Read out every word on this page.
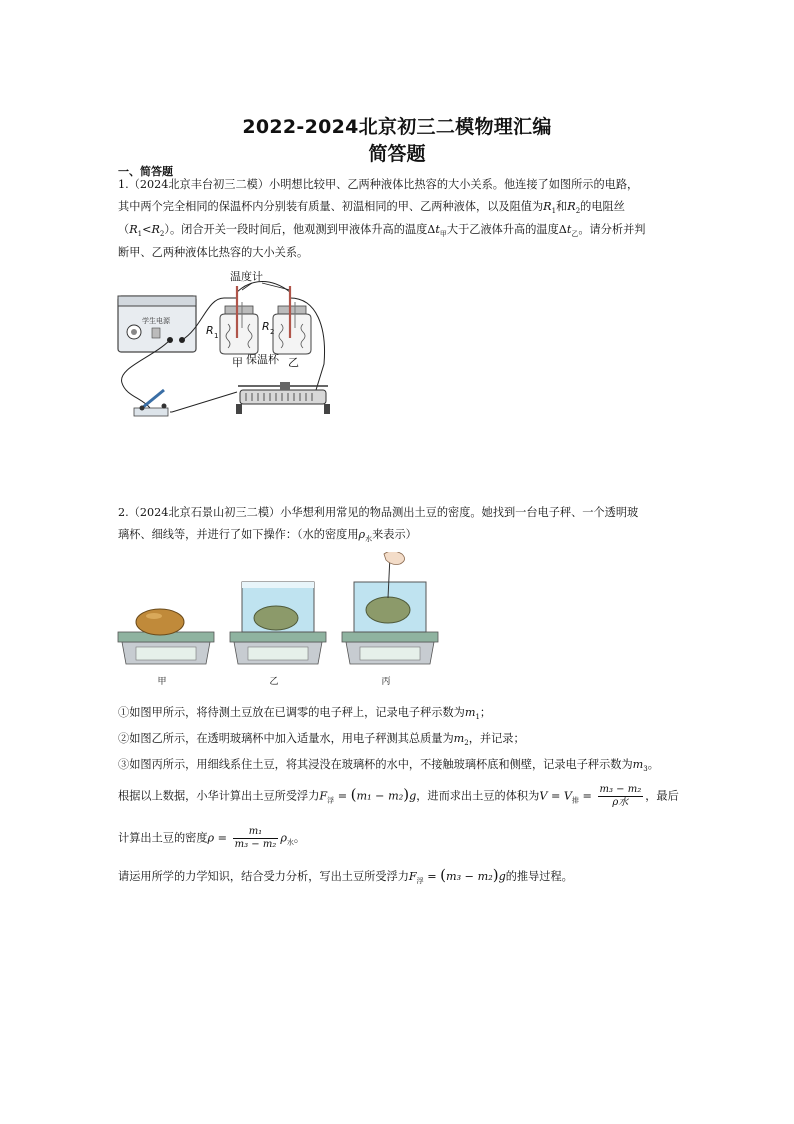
2022-2024北京初三二模物理汇编
简答题
一、简答题
1.（2024北京丰台初三二模）小明想比较甲、乙两种液体比热容的大小关系。他连接了如图所示的电路，
其中两个完全相同的保温杯内分别装有质量、初温相同的甲、乙两种液体，以及阻值为$R_1$和$R_2$的电阻丝
$(R_1<R_2)$。闭合开关一段时间后，他观测到甲液体升高的温度$\Delta t_甲$大于乙液体升高的温度$\Delta t_乙$。请分析并判
断甲、乙两种液体比热容的大小关系。
学生电源
温度计
R 1
R 2
甲 保温杯 乙
2.（2024北京石景山初三二模）小华想利用常见的物品测出土豆的密度。她找到一台电子秤、一个透明玻
璃杯、细线等，并进行了如下操作：（水的密度用$\rho_水$来表示）
甲	乙	丙
①如图甲所示，将待测土豆放在已调零的电子秤上，记录电子秤示数为$m_1$；
②如图乙所示，在透明玻璃杯中加入适量水，用电子秤测其总质量为$m_2$，并记录；
③如图丙所示，用细线系住土豆，将其浸没在玻璃杯的水中，不接触玻璃杯底和侧壁，记录电子秤示数为$m_3$。
根据以上数据，小华计算出土豆所受浮力$F_浮 = (m_1 - m_2)g$，进而求出土豆的体积为$V = V_排 = \frac{\text{m₃ − m₂}}{\text{ρ水}}$ ，最后
计算出土豆的密度$\rho = \frac{\text{m₁}}{\text{m₃ − m₂}} \rho_水$。
请运用所学的力学知识，结合受力分析，写出土豆所受浮力$F_浮 = (m_3 - m_2)g$的推导过程。
